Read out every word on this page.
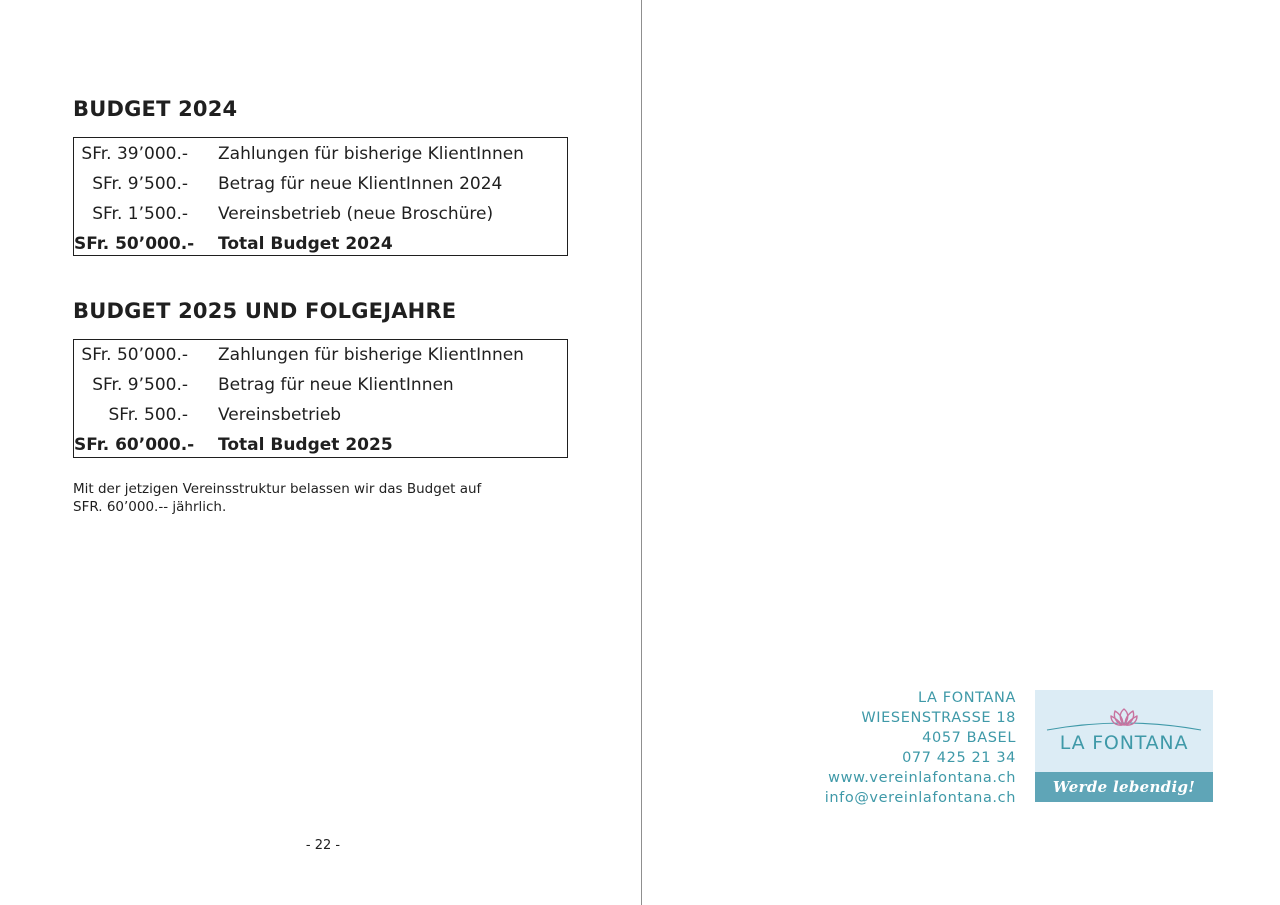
BUDGET 2024
SFr. 39’000.- Zahlungen für bisherige KlientInnen
SFr. 9’500.- Betrag für neue KlientInnen 2024
SFr. 1’500.- Vereinsbetrieb (neue Broschüre)
SFr. 50’000.- Total Budget 2024
BUDGET 2025 UND FOLGEJAHRE
SFr. 50’000.- Zahlungen für bisherige KlientInnen
SFr. 9’500.- Betrag für neue KlientInnen
SFr. 500.- Vereinsbetrieb
SFr. 60’000.- Total Budget 2025

Mit der jetzigen Vereinsstruktur belassen wir das Budget auf

SFR. 60’000.-- jährlich.

- 22 -
LA FONTANA
WIESENSTRASSE 18
4057 BASEL
077 425 21 34
www.vereinlafontana.ch
info@vereinlafontana.ch
LA FONTANA
Werde lebendig!
